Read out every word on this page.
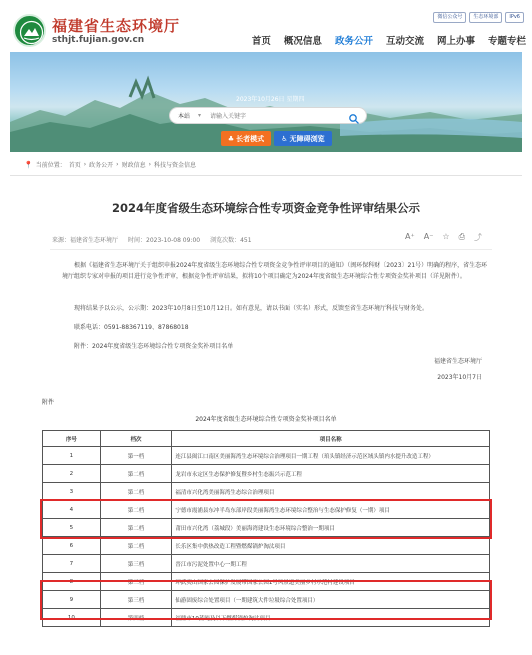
福建省生态环境厅
sthjt.fujian.gov.cn
微信公众号	生态环境部	IPv6
首页 概况信息 政务公开 互动交流 网上办事 专题专栏
2023年10月26日 星期四
本站 ▾
请输入关键字
♣ 长者模式 ♿ 无障碍浏览
📍 当前位置： 首页 › 政务公开 › 财政信息 › 科技与资金信息
2024年度省级生态环境综合性专项资金竞争性评审结果公示
来源：福建省生态环境厅 时间：2023-10-08 09:00 浏览次数：451	A⁺ A⁻ ☆ ⎙ ⤴
根据《福建省生态环境厅关于组织申报2024年度省级生态环境综合性专项资金竞争性评审项目的通知》（闽环保科财〔2023〕21号）明确的程序，省生态环境厅组织专家对申报的项目进行竞争性评审，根据竞争性评审结果，拟将10个项目确定为2024年度省级生态环境综合性专项资金奖补项目（详见附件）。
现将结果予以公示，公示期：2023年10月8日至10月12日。如有意见，请以书面（实名）形式，反馈至省生态环境厅科技与财务处。
联系电话：0591-88367119、87868018
附件：2024年度省级生态环境综合性专项资金奖补项目名单
福建省生态环境厅
2023年10月7日
附件
2024年度省级生态环境综合性专项资金奖补项目名单
序号	档次	项目名称
1	第一档	连江县闽江口南区美丽海湾生态环境综合治理项目一期工程（琯头镇经济示范区域头镇内水提升改造工程）
2	第二档	龙岩市永定区生态保护修复暨乡村生态振兴示范工程
3	第二档	福清市兴化湾美丽海湾生态综合治理项目
4	第二档	宁德市霞浦县东冲半岛东部岸段美丽海湾生态环境综合整治与生态保护修复（一期）项目
5	第二档	莆田市兴化湾（荔城段）美丽海湾建设生态环境综合整治一期项目
6	第二档	长乐区集中供热改造工程暨燃煤锅炉淘汰项目
7	第三档	晋江市污泥处置中心一期工程
8	第三档	环武夷山国家公园保护发展带国家公园1号风景道美丽乡村示范村建设项目
9	第三档	仙游固废综合处置项目（一期建筑大件垃圾综合处置项目）
10	第四档	福鼎市10蒸吨及以下燃煤锅炉淘汰项目
